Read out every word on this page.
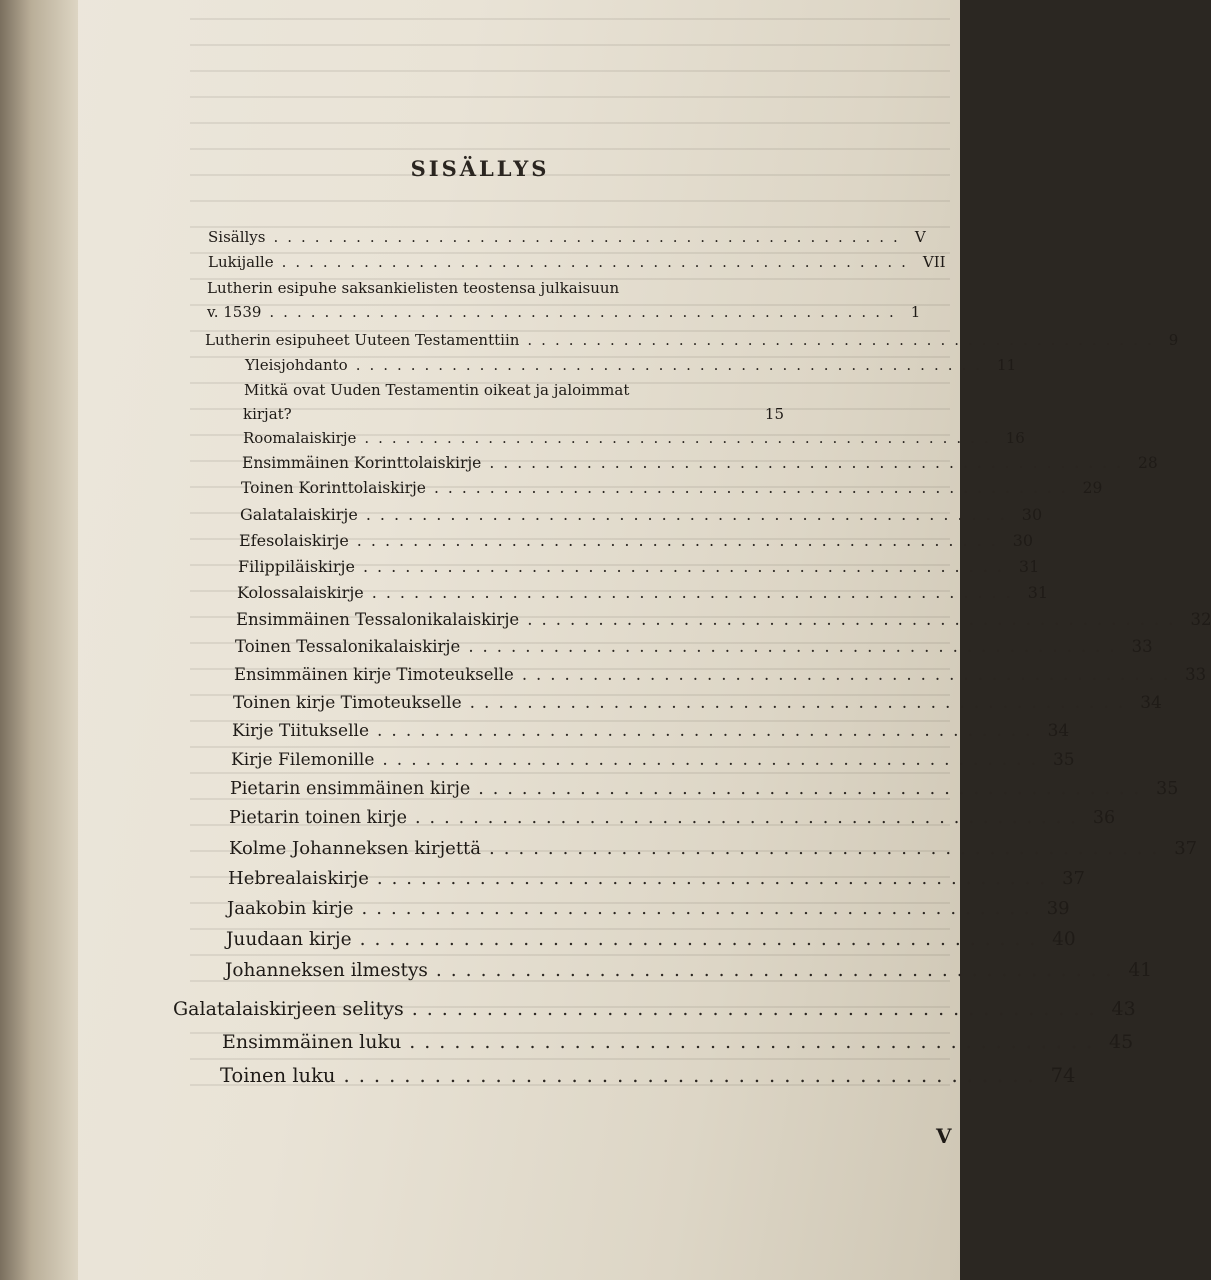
SISÄLLYS
Sisällys .............................................. V
Lukijalle .............................................. VII
Lutherin esipuhe saksankielisten teostensa julkaisuun
v. 1539 .............................................. 1
Lutherin esipuheet Uuteen Testamenttiin .............................................. 9
Yleisjohdanto .............................................. 11
Mitkä ovat Uuden Testamentin oikeat ja jaloimmat
kirjat?	15
Roomalaiskirje .............................................. 16
Ensimmäinen Korinttolaiskirje .............................................. 28
Toinen Korinttolaiskirje .............................................. 29
Galatalaiskirje .............................................. 30
Efesolaiskirje .............................................. 30
Filippiläiskirje .............................................. 31
Kolossalaiskirje .............................................. 31
Ensimmäinen Tessalonikalaiskirje .............................................. 32
Toinen Tessalonikalaiskirje .............................................. 33
Ensimmäinen kirje Timoteukselle .............................................. 33
Toinen kirje Timoteukselle .............................................. 34
Kirje Tiitukselle .............................................. 34
Kirje Filemonille .............................................. 35
Pietarin ensimmäinen kirje .............................................. 35
Pietarin toinen kirje .............................................. 36
Kolme Johanneksen kirjettä .............................................. 37
Hebrealaiskirje .............................................. 37
Jaakobin kirje .............................................. 39
Juudaan kirje .............................................. 40
Johanneksen ilmestys .............................................. 41
Galatalaiskirjeen selitys .............................................. 43
Ensimmäinen luku .............................................. 45
Toinen luku .............................................. 74
V
